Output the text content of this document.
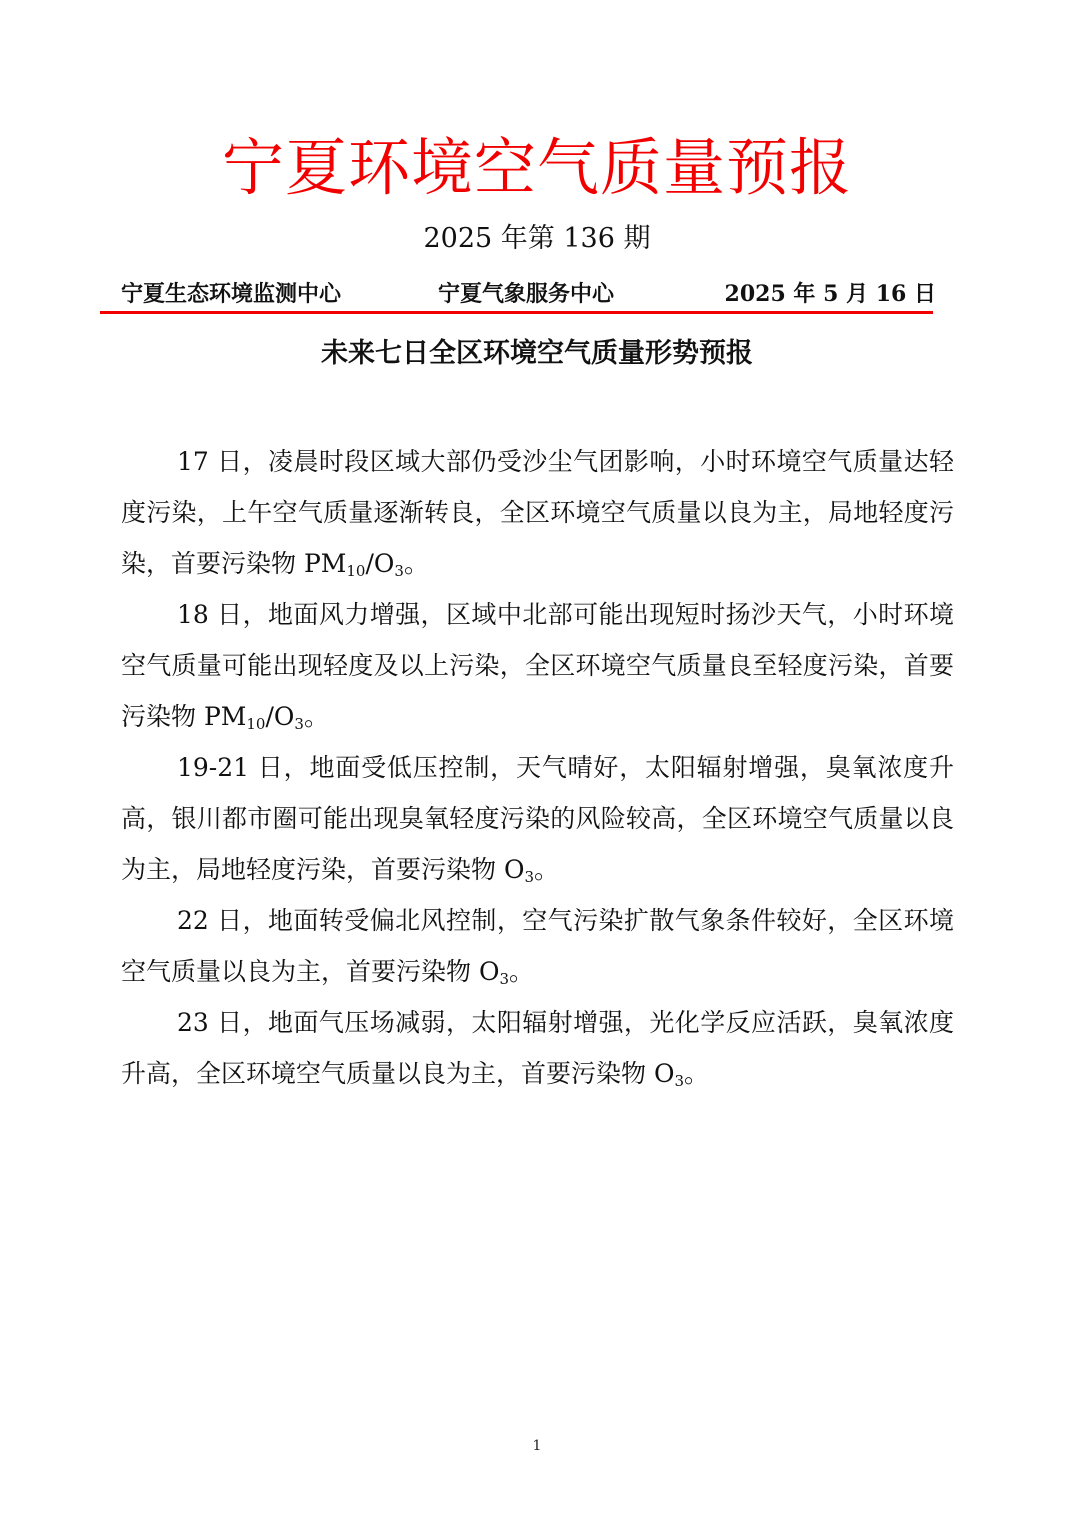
宁夏环境空气质量预报
2025 年第 136 期
宁夏生态环境监测中心	宁夏气象服务中心	2025 年 5 月 16 日
未来七日全区环境空气质量形势预报

17 日，凌晨时段区域大部仍受沙尘气团影响，小时环境空气质量达轻度污染，上午空气质量逐渐转良，全区环境空气质量以良为主，局地轻度污染，首要污染物 $PM_{10}/O_3$。

18 日，地面风力增强，区域中北部可能出现短时扬沙天气，小时环境空气质量可能出现轻度及以上污染，全区环境空气质量良至轻度污染，首要污染物 $PM_{10}/O_3$。

19-21 日，地面受低压控制，天气晴好，太阳辐射增强，臭氧浓度升高，银川都市圈可能出现臭氧轻度污染的风险较高，全区环境空气质量以良为主，局地轻度污染，首要污染物 $O_3$。

22 日，地面转受偏北风控制，空气污染扩散气象条件较好，全区环境空气质量以良为主，首要污染物 $O_3$。

23 日，地面气压场减弱，太阳辐射增强，光化学反应活跃，臭氧浓度升高，全区环境空气质量以良为主，首要污染物 $O_3$。

1
